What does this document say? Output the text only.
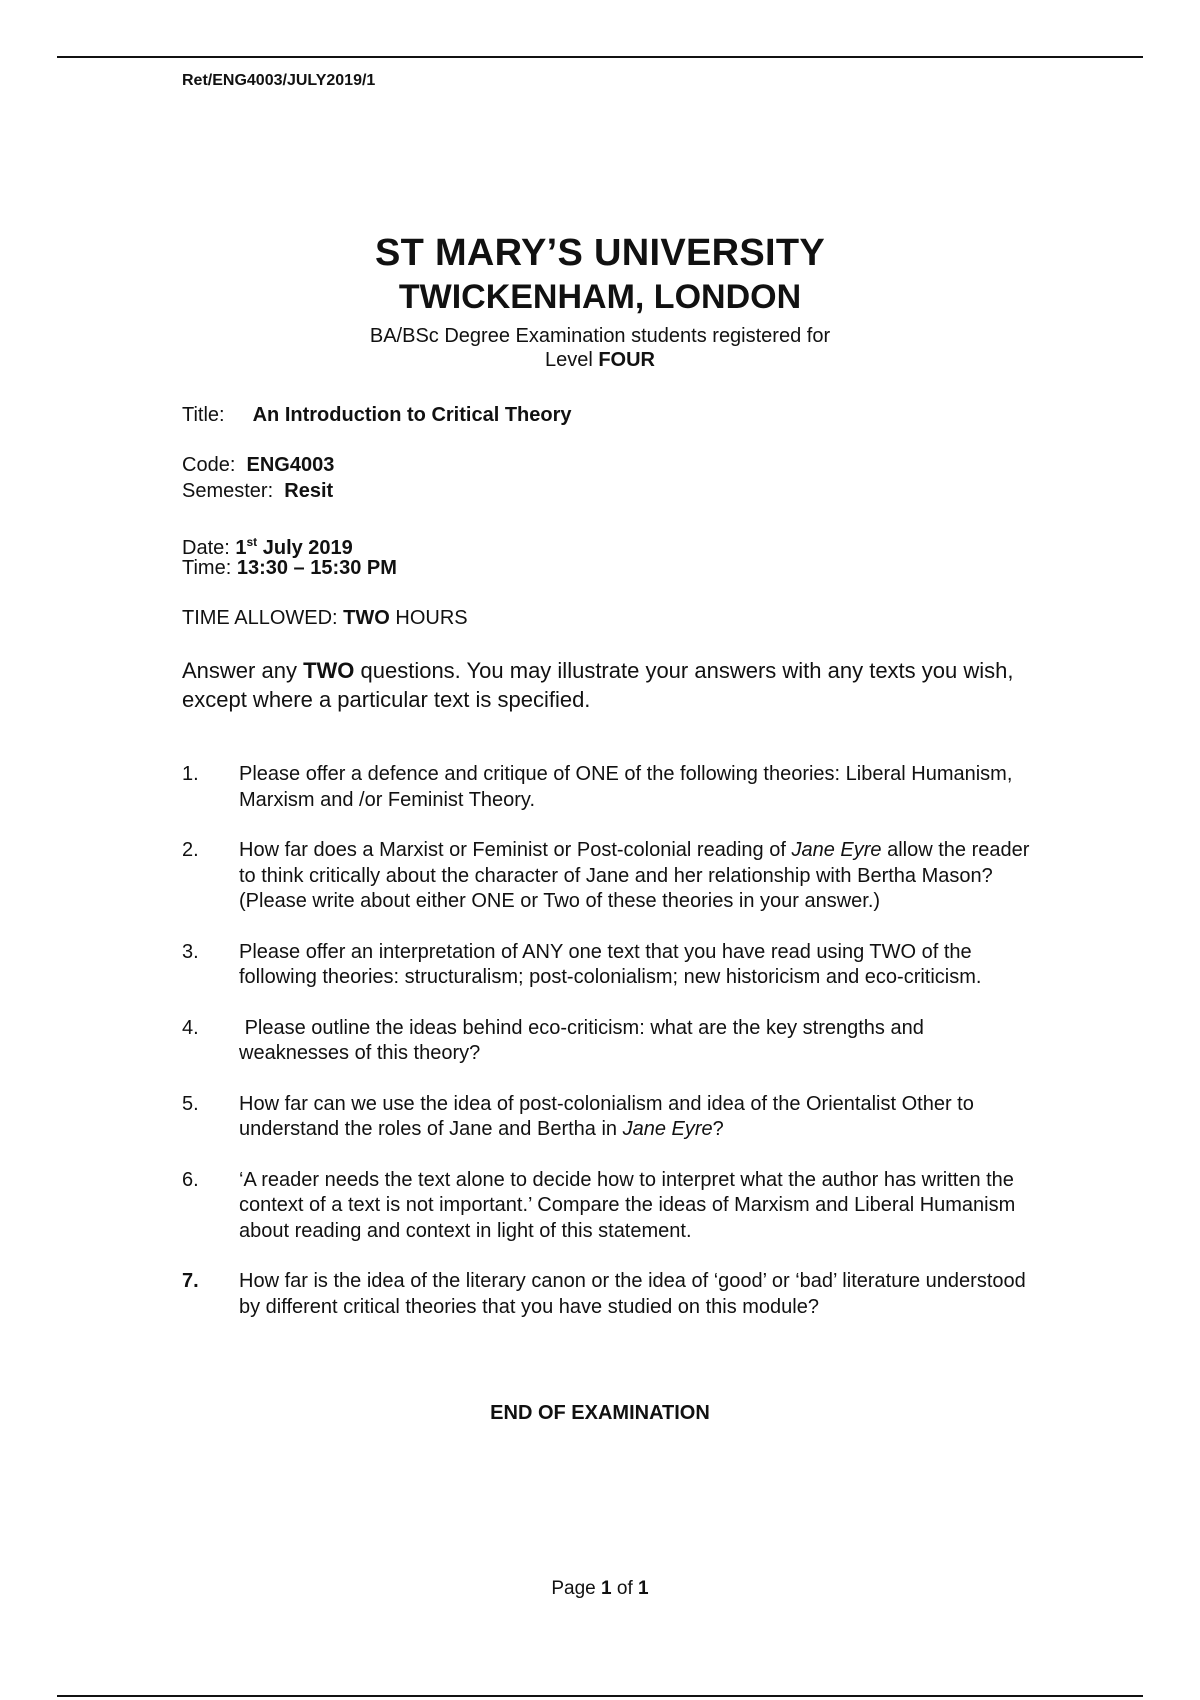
Ret/ENG4003/JULY2019/1
ST MARY’S UNIVERSITY
TWICKENHAM, LONDON
BA/BSc Degree Examination students registered for
Level FOUR
Title: An Introduction to Critical Theory
Code: ENG4003
Semester: Resit
Date: 1st July 2019
Time: 13:30 – 15:30 PM
TIME ALLOWED: TWO HOURS
Answer any TWO questions. You may illustrate your answers with any texts you wish, except where a particular text is specified.
1. Please offer a defence and critique of ONE of the following theories: Liberal Humanism, Marxism and /or Feminist Theory.
2. How far does a Marxist or Feminist or Post-colonial reading of Jane Eyre allow the reader to think critically about the character of Jane and her relationship with Bertha Mason? (Please write about either ONE or Two of these theories in your answer.)
3. Please offer an interpretation of ANY one text that you have read using TWO of the following theories: structuralism; post-colonialism; new historicism and eco-criticism.
4. Please outline the ideas behind eco-criticism: what are the key strengths and weaknesses of this theory?
5. How far can we use the idea of post-colonialism and idea of the Orientalist Other to understand the roles of Jane and Bertha in Jane Eyre?
6. ‘A reader needs the text alone to decide how to interpret what the author has written the context of a text is not important.’ Compare the ideas of Marxism and Liberal Humanism about reading and context in light of this statement.
7. How far is the idea of the literary canon or the idea of ‘good’ or ‘bad’ literature understood by different critical theories that you have studied on this module?
END OF EXAMINATION
Page 1 of 1
